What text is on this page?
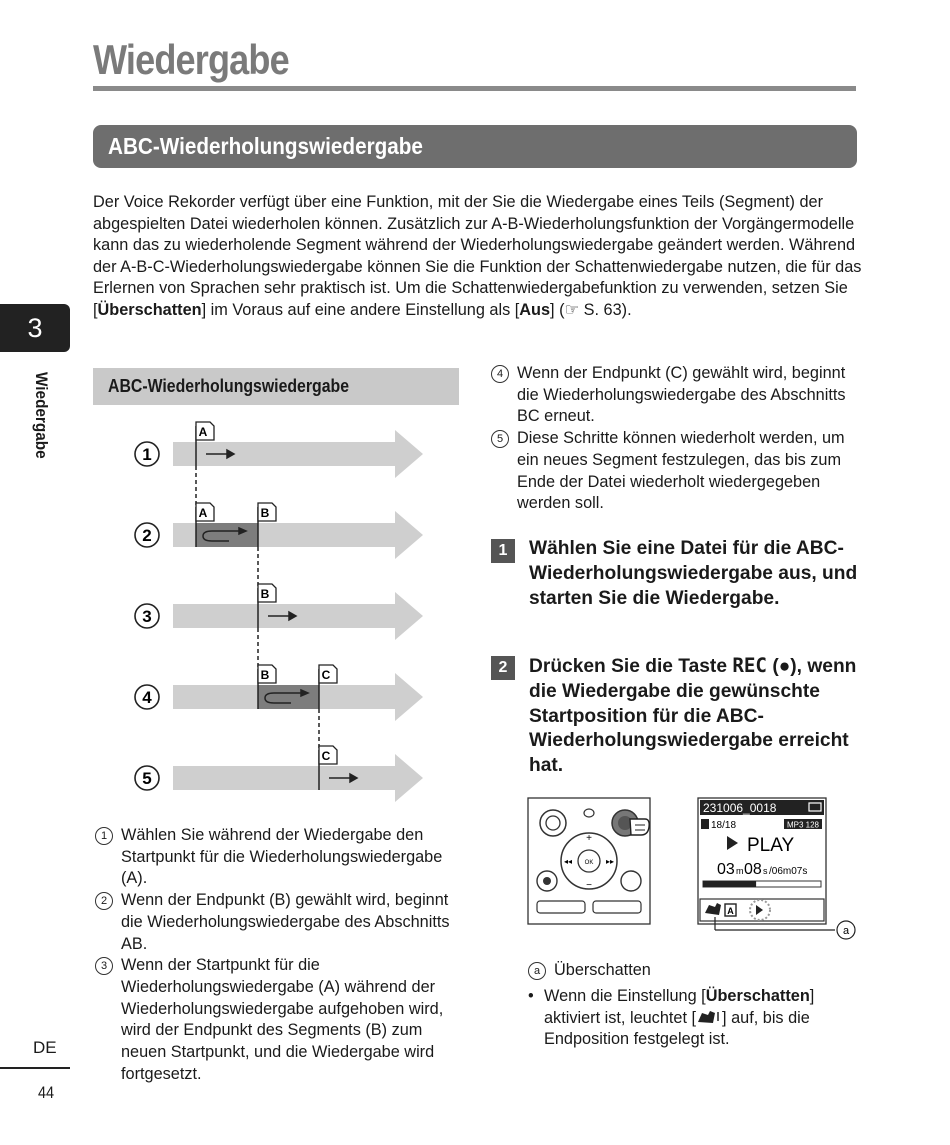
Wiedergabe
ABC-Wiederholungswiedergabe
Der Voice Rekorder verfügt über eine Funktion, mit der Sie die Wiedergabe eines Teils (Segment) der abgespielten Datei wiederholen können. Zusätzlich zur A-B-Wiederholungsfunktion der Vorgängermodelle kann das zu wiederholende Segment während der Wiederholungswiedergabe geändert werden. Während der A-B-C-Wiederholungswiedergabe können Sie die Funktion der Schattenwiedergabe nutzen, die für das Erlernen von Sprachen sehr praktisch ist. Um die Schattenwiedergabefunktion zu verwenden, setzen Sie [Überschatten] im Voraus auf eine andere Einstellung als [Aus] (☞ S. 63).
3
Wiedergabe
DE
44
ABC-Wiederholungswiedergabe
A
A	B
B
B	C
C
1
2
3
4
5

1 Wählen Sie während der Wiedergabe den Startpunkt für die Wiederholungswiedergabe (A).

2 Wenn der Endpunkt (B) gewählt wird, beginnt die Wiederholungswiedergabe des Abschnitts AB.

3 Wenn der Startpunkt für die Wiederholungswiedergabe (A) während der Wiederholungswiedergabe aufgehoben wird, wird der Endpunkt des Segments (B) zum neuen Startpunkt, und die Wiedergabe wird fortgesetzt.

4 Wenn der Endpunkt (C) gewählt wird, beginnt die Wiederholungswiedergabe des Abschnitts BC erneut.

5 Diese Schritte können wiederholt werden, um ein neues Segment festzulegen, das bis zum Ende der Datei wiederholt wiedergegeben werden soll.

1	Wählen Sie eine Datei für die ABC-Wiederholungswiedergabe aus, und starten Sie die Wiedergabe.
2	Drücken Sie die Taste REC (●), wenn die Wiedergabe die gewünschte Startposition für die ABC-Wiederholungswiedergabe erreicht hat.
OK
+
−
◂◂	▸▸
231006_0018
18/18	MP3 128
PLAY
03 m 08 s /06m07s
A
a
a Überschatten
• Wenn die Einstellung [Überschatten] aktiviert ist, leuchtet [ ] auf, bis die Endposition festgelegt ist.
